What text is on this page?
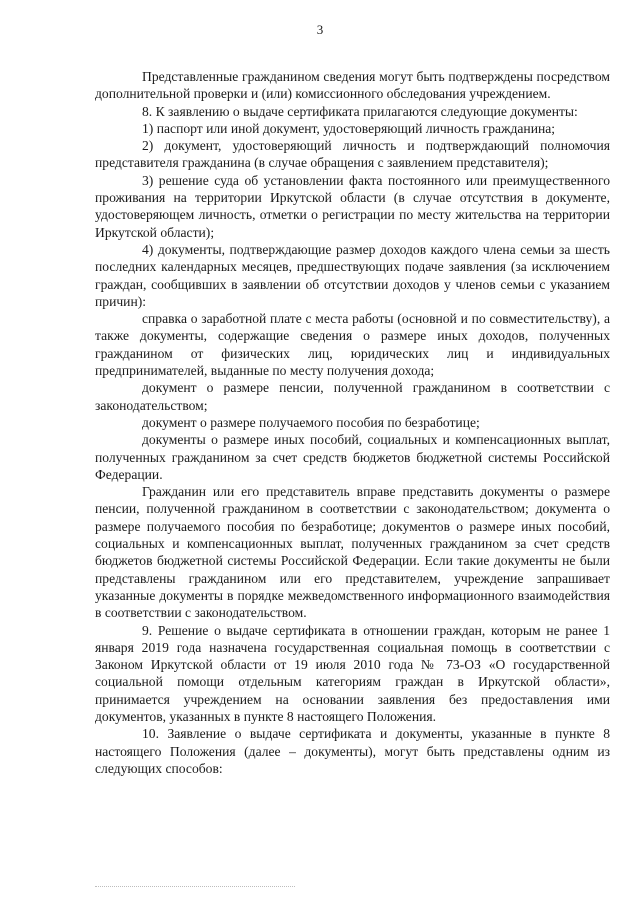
3

Представленные гражданином сведения могут быть подтверждены посредством дополнительной проверки и (или) комиссионного обследования учреждением.

8. К заявлению о выдаче сертификата прилагаются следующие документы:

1) паспорт или иной документ, удостоверяющий личность гражданина;

2) документ, удостоверяющий личность и подтверждающий полномочия представителя гражданина (в случае обращения с заявлением представителя);

3) решение суда об установлении факта постоянного или преимущественного проживания на территории Иркутской области (в случае отсутствия в документе, удостоверяющем личность, отметки о регистрации по месту жительства на территории Иркутской области);

4) документы, подтверждающие размер доходов каждого члена семьи за шесть последних календарных месяцев, предшествующих подаче заявления (за исключением граждан, сообщивших в заявлении об отсутствии доходов у членов семьи с указанием причин):

справка о заработной плате с места работы (основной и по совместительству), а также документы, содержащие сведения о размере иных доходов, полученных гражданином от физических лиц, юридических лиц и индивидуальных предпринимателей, выданные по месту получения дохода;

документ о размере пенсии, полученной гражданином в соответствии с законодательством;

документ о размере получаемого пособия по безработице;

документы о размере иных пособий, социальных и компенсационных выплат, полученных гражданином за счет средств бюджетов бюджетной системы Российской Федерации.

Гражданин или его представитель вправе представить документы о размере пенсии, полученной гражданином в соответствии с законодательством; документа о размере получаемого пособия по безработице; документов о размере иных пособий, социальных и компенсационных выплат, полученных гражданином за счет средств бюджетов бюджетной системы Российской Федерации. Если такие документы не были представлены гражданином или его представителем, учреждение запрашивает указанные документы в порядке межведомственного информационного взаимодействия в соответствии с законодательством.

9. Решение о выдаче сертификата в отношении граждан, которым не ранее 1 января 2019 года назначена государственная социальная помощь в соответствии с Законом Иркутской области от 19 июля 2010 года № 73-ОЗ «О государственной социальной помощи отдельным категориям граждан в Иркутской области», принимается учреждением на основании заявления без предоставления ими документов, указанных в пункте 8 настоящего Положения.

10. Заявление о выдаче сертификата и документы, указанные в пункте 8 настоящего Положения (далее – документы), могут быть представлены одним из следующих способов:
